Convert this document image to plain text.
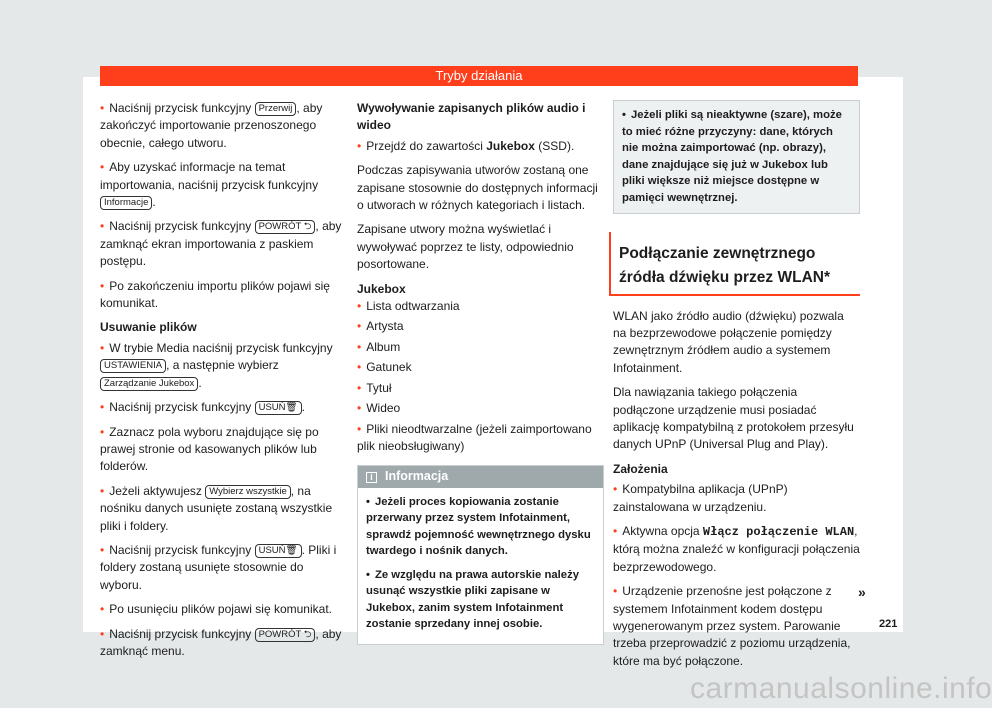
Tryby działania

• Naciśnij przycisk funkcyjny Przerwij , aby zakończyć importowanie przenoszonego obecnie, całego utworu.

• Aby uzyskać informacje na temat importowania, naciśnij przycisk funkcyjny Informacje .

• Naciśnij przycisk funkcyjny POWRÓT ⮌ , aby zamknąć ekran importowania z paskiem postępu.

• Po zakończeniu importu plików pojawi się komunikat.

Usuwanie plików

• W trybie Media naciśnij przycisk funkcyjny USTAWIENIA , a następnie wybierz Zarządzanie Jukebox .

• Naciśnij przycisk funkcyjny USUŃ🗑 .

• Zaznacz pola wyboru znajdujące się po prawej stronie od kasowanych plików lub folderów.

• Jeżeli aktywujesz Wybierz wszystkie , na nośniku danych usunięte zostaną wszystkie pliki i foldery.

• Naciśnij przycisk funkcyjny USUŃ🗑 . Pliki i foldery zostaną usunięte stosownie do wyboru.

• Po usunięciu plików pojawi się komunikat.

• Naciśnij przycisk funkcyjny POWRÓT ⮌ , aby zamknąć menu.

Wywoływanie zapisanych plików audio i wideo

• Przejdź do zawartości Jukebox (SSD).

Podczas zapisywania utworów zostaną one zapisane stosownie do dostępnych informacji o utworach w różnych kategoriach i listach.

Zapisane utwory można wyświetlać i wywoływać poprzez te listy, odpowiednio posortowane.

Jukebox

• Lista odtwarzania

• Artysta

• Album

• Gatunek

• Tytuł

• Wideo

• Pliki nieodtwarzalne (jeżeli zaimportowano plik nieobsługiwany)

i Informacja

• Jeżeli proces kopiowania zostanie przerwany przez system Infotainment, sprawdź pojemność wewnętrznego dysku twardego i nośnik danych.

• Ze względu na prawa autorskie należy usunąć wszystkie pliki zapisane w Jukebox, zanim system Infotainment zostanie sprzedany innej osobie.

• Jeżeli pliki są nieaktywne (szare), może to mieć różne przyczyny: dane, których nie można zaimportować (np. obrazy), dane znajdujące się już w Jukebox lub pliki większe niż miejsce dostępne w pamięci wewnętrznej.

Podłączanie zewnętrznego źródła dźwięku przez WLAN*

WLAN jako źródło audio (dźwięku) pozwala na bezprzewodowe połączenie pomiędzy zewnętrznym źródłem audio a systemem Infotainment.

Dla nawiązania takiego połączenia podłączone urządzenie musi posiadać aplikację kompatybilną z protokołem przesyłu danych UPnP (Universal Plug and Play).

Założenia

• Kompatybilna aplikacja (UPnP) zainstalowana w urządzeniu.

• Aktywna opcja Włącz połączenie WLAN, którą można znaleźć w konfiguracji połączenia bezprzewodowego.

• Urządzenie przenośne jest połączone z systemem Infotainment kodem dostępu wygenerowanym przez system. Parowanie trzeba przeprowadzić z poziomu urządzenia, które ma być połączone.

»
221
carmanualsonline.info
